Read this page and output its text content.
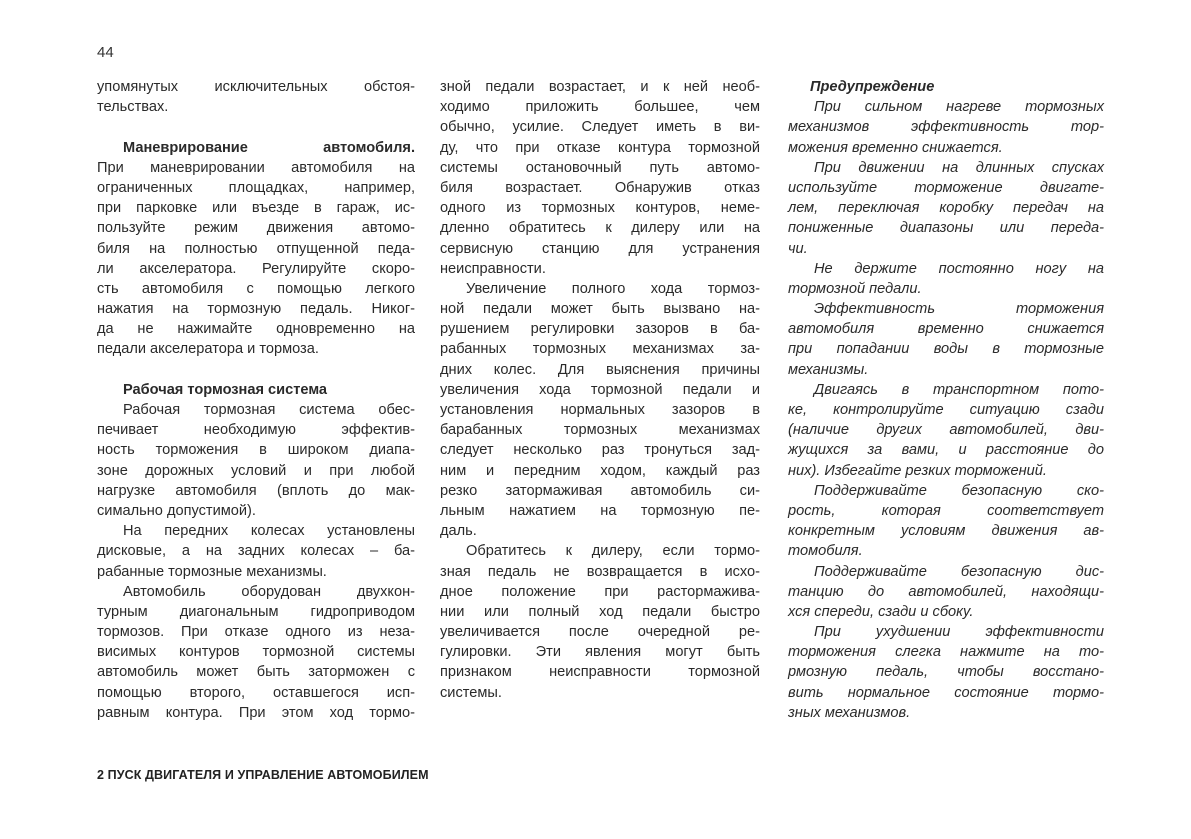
44
упомянутых исключительных обстоя-
тельствах.
Маневрирование автомобиля.
При маневрировании автомобиля на
ограниченных площадках, например,
при парковке или въезде в гараж, ис-
пользуйте режим движения автомо-
биля на полностью отпущенной педа-
ли акселератора. Регулируйте скоро-
сть автомобиля с помощью легкого
нажатия на тормозную педаль. Никог-
да не нажимайте одновременно на
педали акселератора и тормоза.
Рабочая тормозная система
Рабочая тормозная система обес-
печивает необходимую эффектив-
ность торможения в широком диапа-
зоне дорожных условий и при любой
нагрузке автомобиля (вплоть до мак-
симально допустимой).
На передних колесах установлены
дисковые, а на задних колесах – ба-
рабанные тормозные механизмы.
Автомобиль оборудован двухкон-
турным диагональным гидроприводом
тормозов. При отказе одного из неза-
висимых контуров тормозной системы
автомобиль может быть заторможен с
помощью второго, оставшегося исп-
равным контура. При этом ход тормо-
зной педали возрастает, и к ней необ-
ходимо приложить большее, чем
обычно, усилие. Следует иметь в ви-
ду, что при отказе контура тормозной
системы остановочный путь автомо-
биля возрастает. Обнаружив отказ
одного из тормозных контуров, неме-
дленно обратитесь к дилеру или на
сервисную станцию для устранения
неисправности.
Увеличение полного хода тормоз-
ной педали может быть вызвано на-
рушением регулировки зазоров в ба-
рабанных тормозных механизмах за-
дних колес. Для выяснения причины
увеличения хода тормозной педали и
установления нормальных зазоров в
барабанных тормозных механизмах
следует несколько раз тронуться зад-
ним и передним ходом, каждый раз
резко затормаживая автомобиль си-
льным нажатием на тормозную пе-
даль.
Обратитесь к дилеру, если тормо-
зная педаль не возвращается в исхо-
дное положение при растормажива-
нии или полный ход педали быстро
увеличивается после очередной ре-
гулировки. Эти явления могут быть
признаком неисправности тормозной
системы.
Предупреждение
При сильном нагреве тормозных
механизмов эффективность тор-
можения временно снижается.
При движении на длинных спусках
используйте торможение двигате-
лем, переключая коробку передач на
пониженные диапазоны или переда-
чи.
Не держите постоянно ногу на
тормозной педали.
Эффективность торможения
автомобиля временно снижается
при попадании воды в тормозные
механизмы.
Двигаясь в транспортном пото-
ке, контролируйте ситуацию сзади
(наличие других автомобилей, дви-
жущихся за вами, и расстояние до
них). Избегайте резких торможений.
Поддерживайте безопасную ско-
рость, которая соответствует
конкретным условиям движения ав-
томобиля.
Поддерживайте безопасную дис-
танцию до автомобилей, находящи-
хся спереди, сзади и сбоку.
При ухудшении эффективности
торможения слегка нажмите на то-
рмозную педаль, чтобы восстано-
вить нормальное состояние тормо-
зных механизмов.
2 ПУСК ДВИГАТЕЛЯ И УПРАВЛЕНИЕ АВТОМОБИЛЕМ
